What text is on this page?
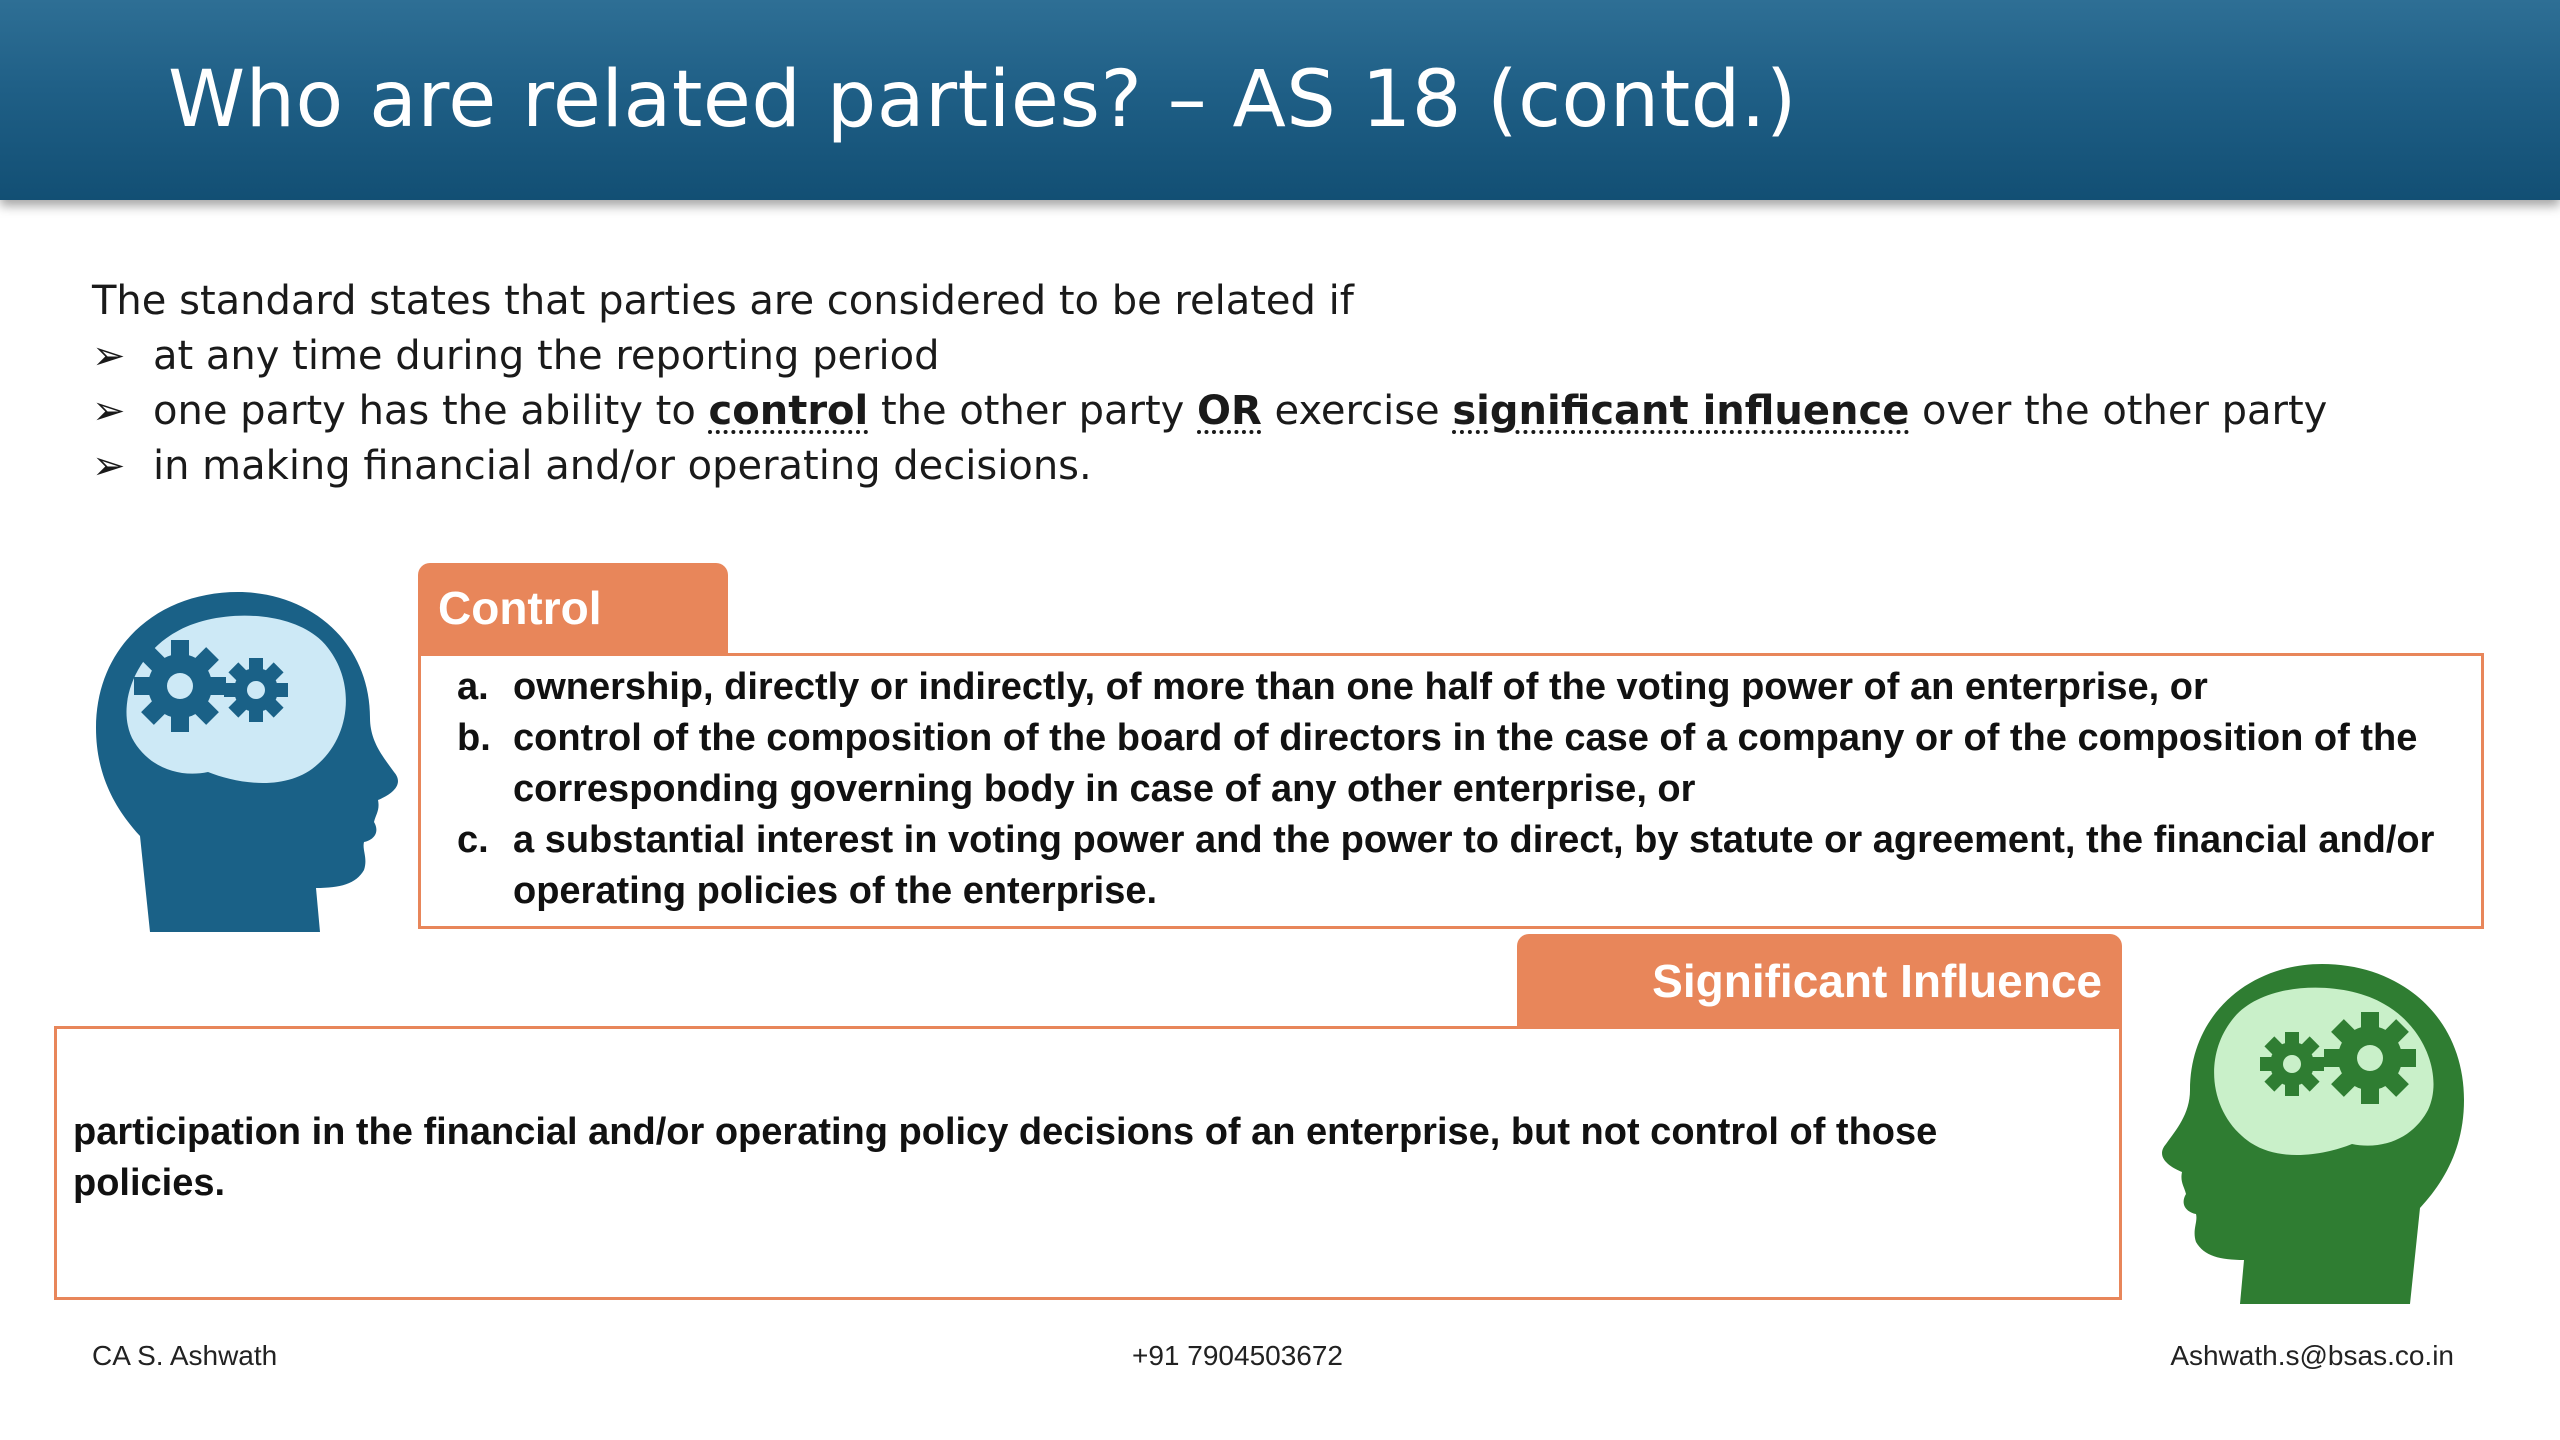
Who are related parties? – AS 18 (contd.)
The standard states that parties are considered to be related if
➢ at any time during the reporting period
➢ one party has the ability to control the other party OR exercise significant influence over the other party
➢ in making financial and/or operating decisions.
Control
a. ownership, directly or indirectly, of more than one half of the voting power of an enterprise, or
b. control of the composition of the board of directors in the case of a company or of the composition of the corresponding governing body in case of any other enterprise, or
c. a substantial interest in voting power and the power to direct, by statute or agreement, the financial and/or operating policies of the enterprise.
Significant Influence
participation in the financial and/or operating policy decisions of an enterprise, but not control of those policies.
CA S. Ashwath	+91 7904503672	Ashwath.s@bsas.co.in
